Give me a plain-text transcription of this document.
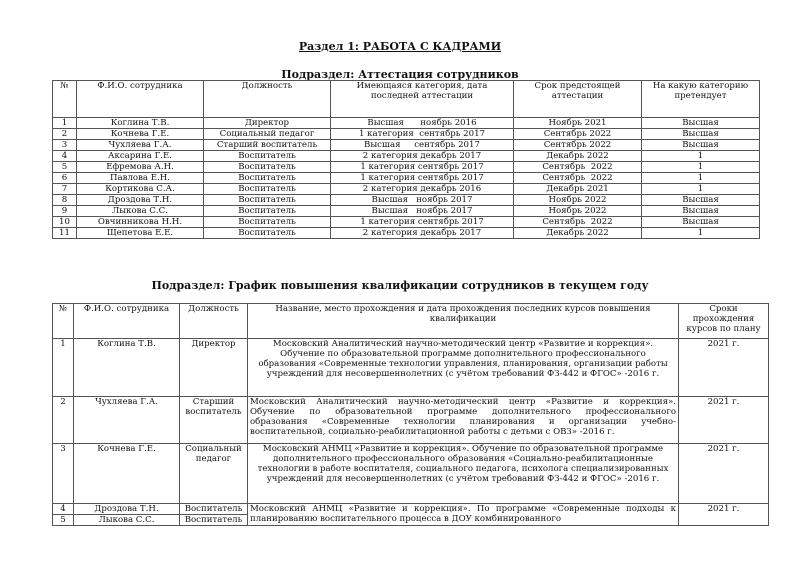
Раздел 1: РАБОТА С КАДРАМИ
Подраздел: Аттестация сотрудников
№	Ф.И.О. сотрудника	Должность	Имеющаяся категория, дата последней аттестации	Срок предстоящей аттестации	На какую категорию претендует
1	Коглина Т.В.	Директор	Высшая      ноябрь 2016	Ноябрь 2021	Высшая
2	Кочнева Г.Е.	Социальный педагог	1 категория  сентябрь 2017	Сентябрь 2022	Высшая
3	Чухляева Г.А.	Старший воспитатель	Высшая     сентябрь 2017	Сентябрь 2022	Высшая
4	Аксарина Г.Е.	Воспитатель	2 категория декабрь 2017	Декабрь 2022	1
5	Ефремова А.Н.	Воспитатель	1 категория сентябрь 2017	Сентябрь  2022	1
6	Павлова Е.Н.	Воспитатель	1 категория сентябрь 2017	Сентябрь  2022	1
7	Кортикова С.А.	Воспитатель	2 категория декабрь 2016	Декабрь 2021	1
8	Дроздова Т.Н.	Воспитатель	Высшая   ноябрь 2017	Ноябрь 2022	Высшая
9	Лыкова С.С.	Воспитатель	Высшая   ноябрь 2017	Ноябрь 2022	Высшая
10	Овчинникова Н.Н.	Воспитатель	1 категория сентябрь 2017	Сентябрь  2022	Высшая
11	Щепетова Е.Е.	Воспитатель	2 категория декабрь 2017	Декабрь 2022	1
Подраздел: График повышения квалификации сотрудников в текущем году
№	Ф.И.О. сотрудника	Должность	Название, место прохождения и дата прохождения последних курсов повышения квалификации	Сроки прохождения курсов по плану
1	Коглина Т.В.	Директор	Московский Аналитический научно-методический центр «Развитие и коррекция». Обучение по образовательной программе дополнительного профессионального образования «Современные технологии управления, планирования, организации работы учреждений для несовершеннолетних (с учётом требований ФЗ-442 и ФГОС» -2016 г.	2021 г.
2	Чухляева Г.А.	Старший воспитатель	Московский Аналитический научно-методический центр «Развитие и коррекция». Обучение по образовательной программе дополнительного профессионального образования «Современные технологии планирования и организации учебно-воспитательной, социально-реабилитационной работы с детьми с ОВЗ» -2016 г.	2021 г.
3	Кочнева Г.Е.	Социальный педагог	Московский АНМЦ «Развитие и коррекция». Обучение по образовательной программе дополнительного профессионального образования «Социально-реабилитационные технологии в работе воспитателя, социального педагога, психолога специализированных учреждений для несовершеннолетних (с учётом требований ФЗ-442 и ФГОС» -2016 г.	2021 г.
4	Дроздова Т.Н.	Воспитатель	Московский АНМЦ «Развитие и коррекция». По программе «Современные подходы к планированию воспитательного процесса в ДОУ комбинированного	2021 г.
5	Лыкова С.С.	Воспитатель		
